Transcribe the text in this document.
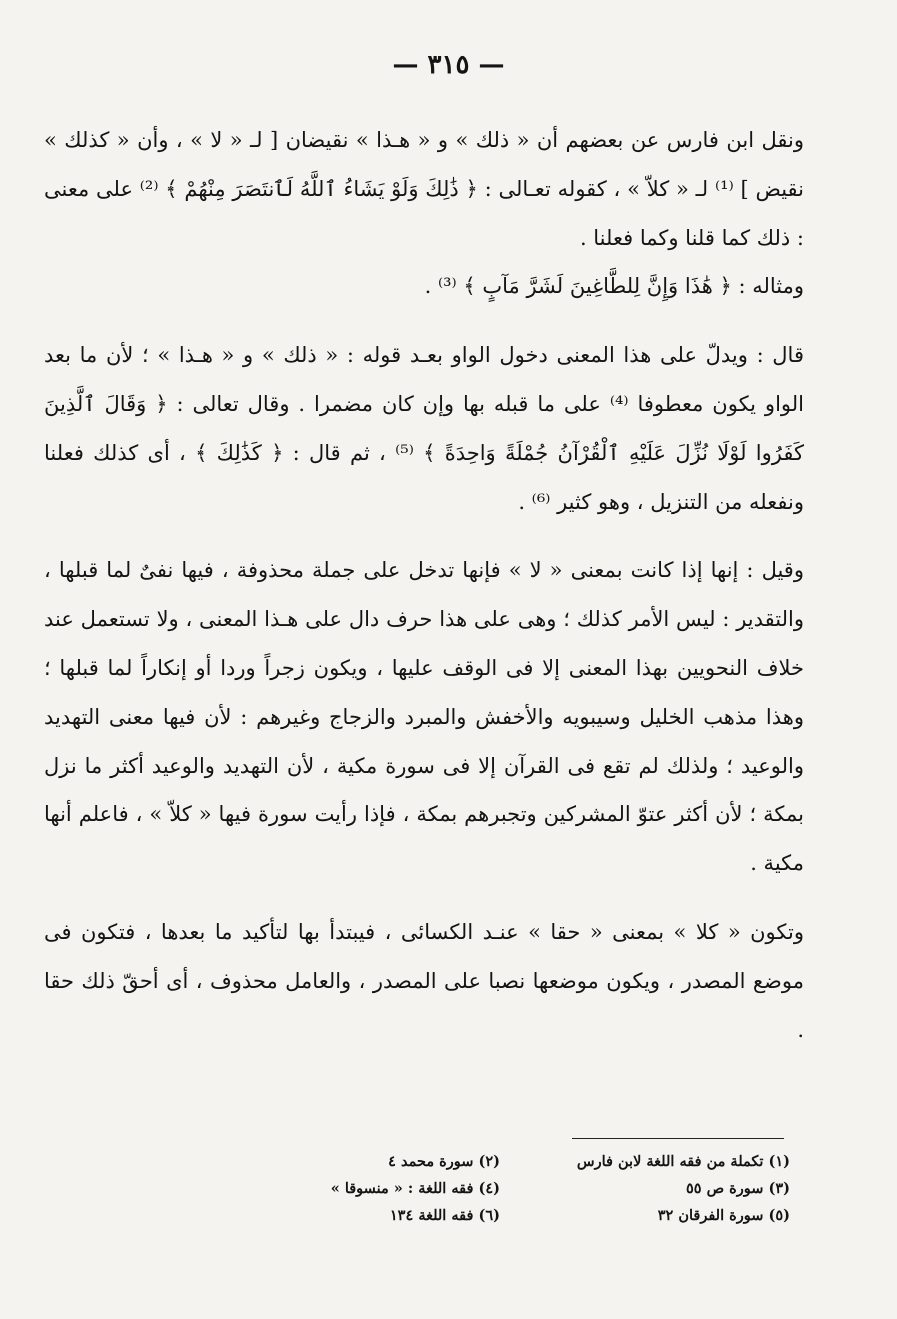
— ٣١٥ —

ونقل ابن فارس عن بعضهم أن « ذلك » و « هـذا » نقيضان [ لـ « لا » ، وأن « كذلك » نقيض ] ⁽¹⁾ لـ « كلاّ » ، كقوله تعـالى : ﴿ ذَٰلِكَ وَلَوْ يَشَاءُ ٱللَّهُ لَٱنتَصَرَ مِنْهُمْ ﴾ ⁽²⁾ على معنى : ذلك كما قلنا وكما فعلنا .

ومثاله : ﴿ هَٰذَا وَإِنَّ لِلطَّاغِينَ لَشَرَّ مَآبٍ ﴾ ⁽³⁾ .

قال : ويدلّ على هذا المعنى دخول الواو بعـد قوله : « ذلك » و « هـذا » ؛ لأن ما بعد الواو يكون معطوفا ⁽⁴⁾ على ما قبله بها وإن كان مضمرا . وقال تعالى : ﴿ وَقَالَ ٱلَّذِينَ كَفَرُوا لَوْلَا نُزِّلَ عَلَيْهِ ٱلْقُرْآنُ جُمْلَةً وَاحِدَةً ﴾ ⁽⁵⁾ ، ثم قال : ﴿ كَذَٰلِكَ ﴾ ، أى كذلك فعلنا ونفعله من التنزيل ، وهو كثير ⁽⁶⁾ .

وقيل : إنها إذا كانت بمعنى « لا » فإنها تدخل على جملة محذوفة ، فيها نفىٌ لما قبلها ، والتقدير : ليس الأمر كذلك ؛ وهى على هذا حرف دال على هـذا المعنى ، ولا تستعمل عند خلاف النحويين بهذا المعنى إلا فى الوقف عليها ، ويكون زجراً وردا أو إنكاراً لما قبلها ؛ وهذا مذهب الخليل وسيبويه والأخفش والمبرد والزجاج وغيرهم : لأن فيها معنى التهديد والوعيد ؛ ولذلك لم تقع فى القرآن إلا فى سورة مكية ، لأن التهديد والوعيد أكثر ما نزل بمكة ؛ لأن أكثر عتوّ المشركين وتجبرهم بمكة ، فإذا رأيت سورة فيها « كلاّ » ، فاعلم أنها مكية .

وتكون « كلا » بمعنى « حقا » عنـد الكسائى ، فيبتدأ بها لتأكيد ما بعدها ، فتكون فى موضع المصدر ، ويكون موضعها نصبا على المصدر ، والعامل محذوف ، أى أحقّ ذلك حقا .

(١) تكملة من فقه اللغة لابن فارس
(٣) سورة ص ٥٥
(٥) سورة الفرقان ٣٢
(٢) سورة محمد ٤
(٤) فقه اللغة : « منسوقا »
(٦) فقه اللغة ١٣٤
